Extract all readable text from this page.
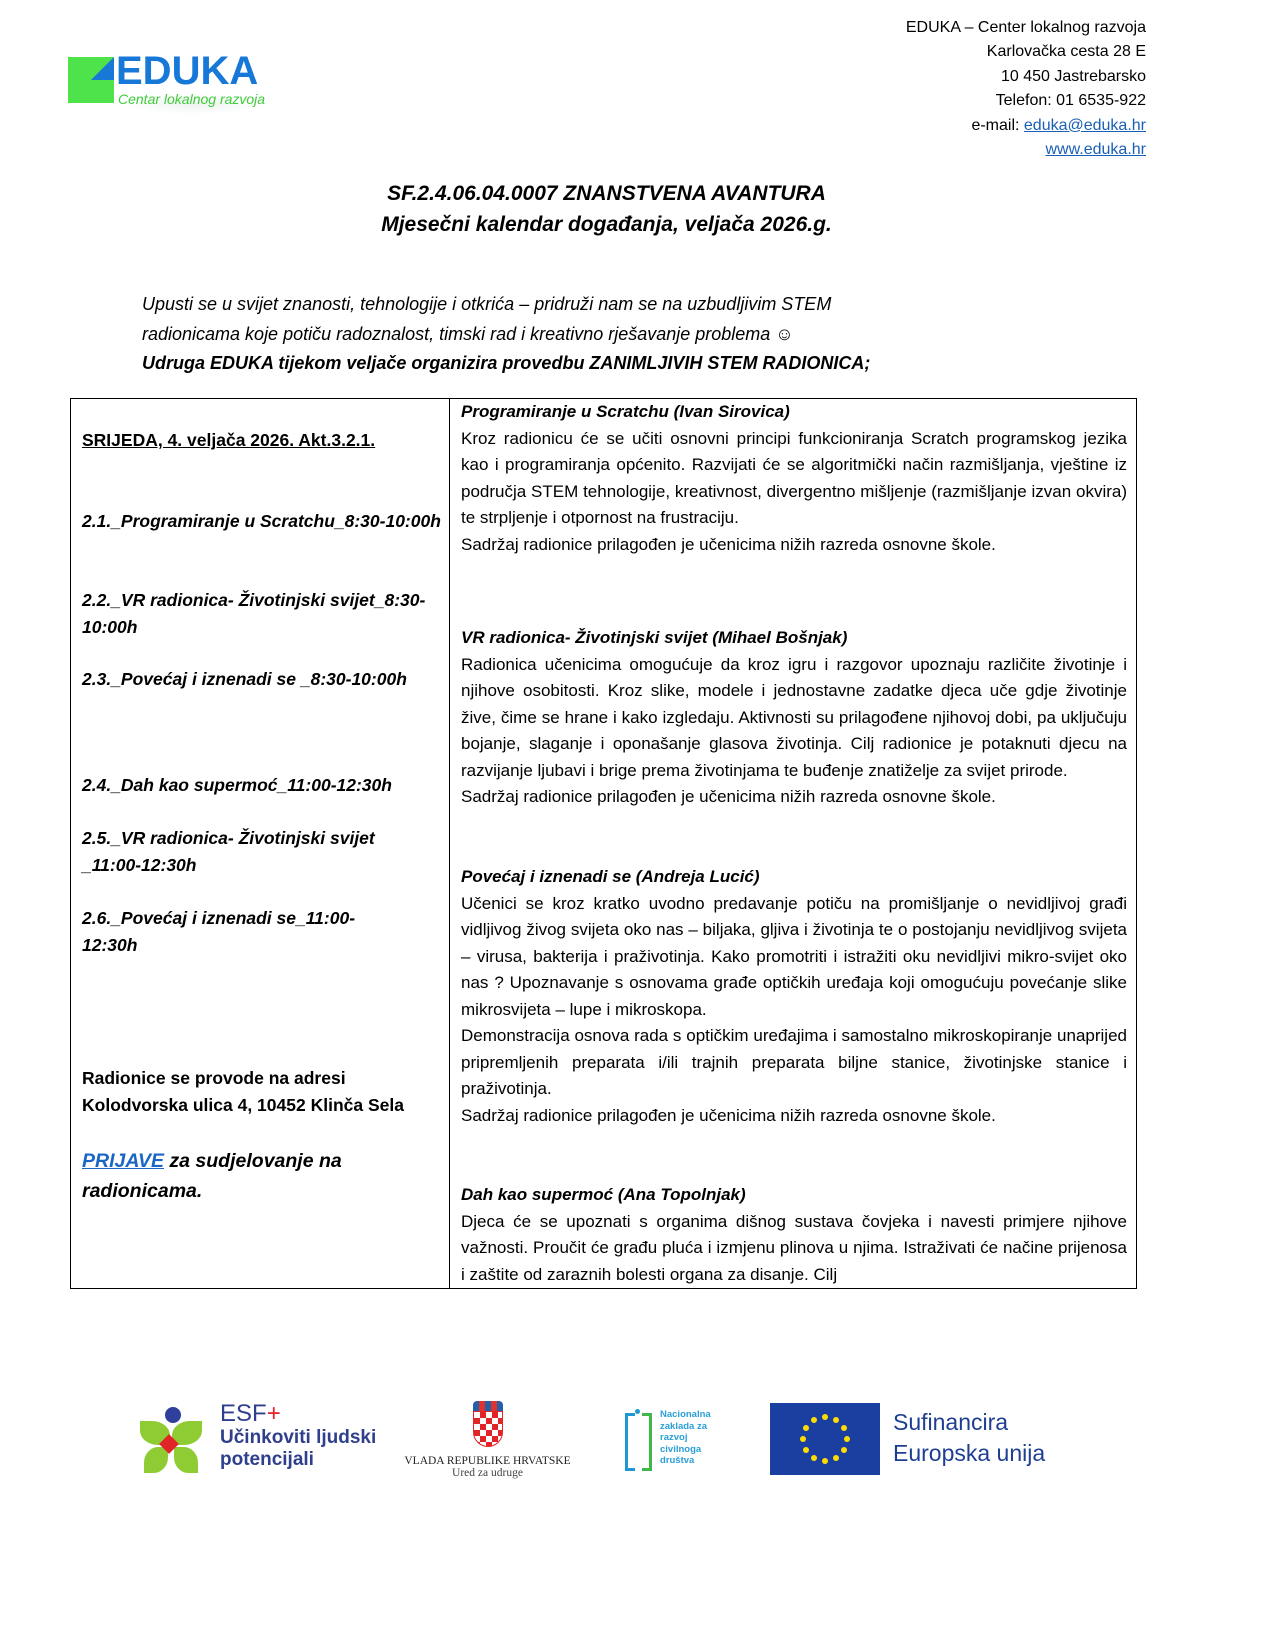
EDUKA
Centar lokalnog razvoja
EDUKA – Center lokalnog razvoja
Karlovačka cesta 28 E
10 450 Jastrebarsko
Telefon: 01 6535-922
e-mail: eduka@eduka.hr
www.eduka.hr
SF.2.4.06.04.0007 ZNANSTVENA AVANTURA
Mjesečni kalendar događanja, veljača 2026.g.
Upusti se u svijet znanosti, tehnologije i otkrića – pridruži nam se na uzbudljivim STEM
radionicama koje potiču radoznalost, timski rad i kreativno rješavanje problema ☺
Udruga EDUKA tijekom veljače organizira provedbu ZANIMLJIVIH STEM RADIONICA;
SRIJEDA, 4. veljača 2026. Akt.3.2.1.
2.1._Programiranje u Scratchu_8:30-10:00h
2.2._VR radionica- Životinjski svijet_8:30-10:00h
2.3._Povećaj i iznenadi se _8:30-10:00h
2.4._Dah kao supermoć_11:00-12:30h
2.5._VR radionica- Životinjski svijet _11:00-12:30h
2.6._Povećaj i iznenadi se_11:00-12:30h
Radionice se provode na adresi
Kolodvorska ulica 4, 10452 Klinča Sela
PRIJAVE za sudjelovanje na radionicama.

Programiranje u Scratchu (Ivan Sirovica)

Kroz radionicu će se učiti osnovni principi funkcioniranja Scratch programskog jezika kao i programiranja općenito. Razvijati će se algoritmički način razmišljanja, vještine iz područja STEM tehnologije, kreativnost, divergentno mišljenje (razmišljanje izvan okvira) te strpljenje i otpornost na frustraciju.

Sadržaj radionice prilagođen je učenicima nižih razreda osnovne škole.

VR radionica- Životinjski svijet (Mihael Bošnjak)

Radionica učenicima omogućuje da kroz igru i razgovor upoznaju različite životinje i njihove osobitosti. Kroz slike, modele i jednostavne zadatke djeca uče gdje životinje žive, čime se hrane i kako izgledaju. Aktivnosti su prilagođene njihovoj dobi, pa uključuju bojanje, slaganje i oponašanje glasova životinja. Cilj radionice je potaknuti djecu na razvijanje ljubavi i brige prema životinjama te buđenje znatiželje za svijet prirode.

Sadržaj radionice prilagođen je učenicima nižih razreda osnovne škole.

Povećaj i iznenadi se (Andreja Lucić)

Učenici se kroz kratko uvodno predavanje potiču na promišljanje o nevidljivoj građi vidljivog živog svijeta oko nas – biljaka, gljiva i životinja te o postojanju nevidljivog svijeta – virusa, bakterija i praživotinja. Kako promotriti i istražiti oku nevidljivi mikro-svijet oko nas ? Upoznavanje s osnovama građe optičkih uređaja koji omogućuju povećanje slike mikrosvijeta – lupe i mikroskopa.

Demonstracija osnova rada s optičkim uređajima i samostalno mikroskopiranje unaprijed pripremljenih preparata i/ili trajnih preparata biljne stanice, životinjske stanice i praživotinja.

Sadržaj radionice prilagođen je učenicima nižih razreda osnovne škole.

Dah kao supermoć (Ana Topolnjak)

Djeca će se upoznati s organima dišnog sustava čovjeka i navesti primjere njihove važnosti. Proučit će građu pluća i izmjenu plinova u njima. Istraživati će načine prijenosa i zaštite od zaraznih bolesti organa za disanje. Cilj

ESF+
Učinkoviti ljudski
potencijali	VLADA REPUBLIKE HRVATSKE
Ured za udruge
Nacionalna
zaklada za
razvoj
civilnoga
društva
Sufinancira
Europska unija
